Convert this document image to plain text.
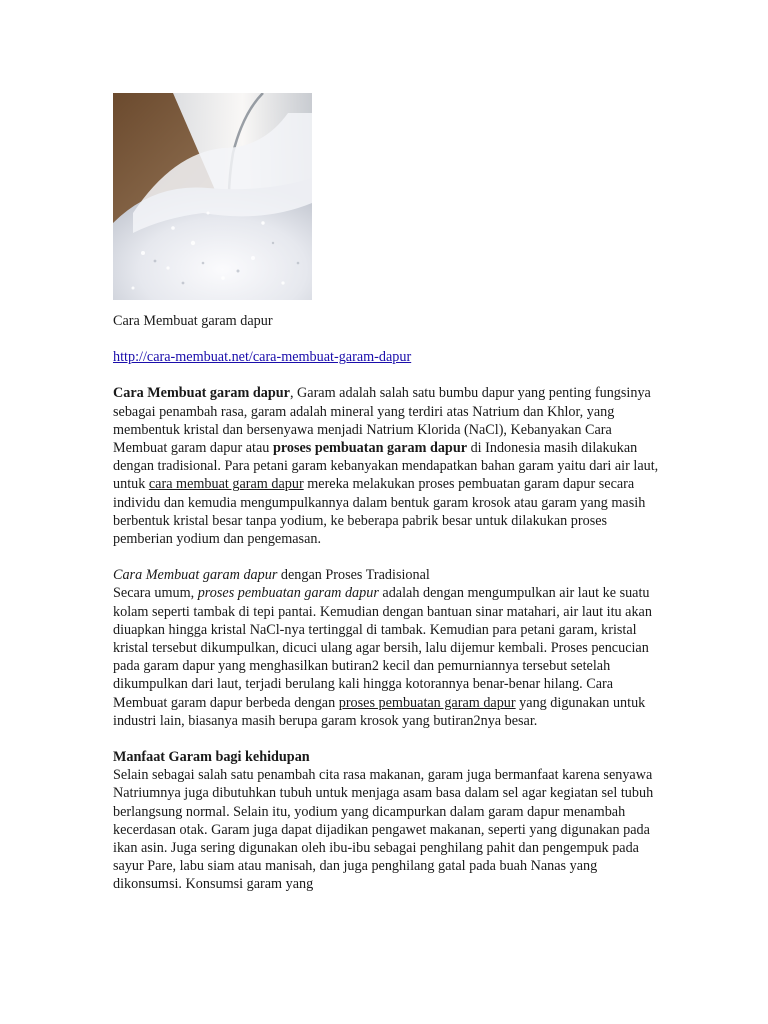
Cara Membuat garam dapur

http://cara-membuat.net/cara-membuat-garam-dapur

Cara Membuat garam dapur, Garam adalah salah satu bumbu dapur yang penting fungsinya sebagai penambah rasa, garam adalah mineral yang terdiri atas Natrium dan Khlor, yang membentuk kristal dan bersenyawa menjadi Natrium Klorida (NaCl), Kebanyakan Cara Membuat garam dapur atau proses pembuatan garam dapur di Indonesia masih dilakukan dengan tradisional. Para petani garam kebanyakan mendapatkan bahan garam yaitu dari air laut, untuk cara membuat garam dapur mereka melakukan proses pembuatan garam dapur secara individu dan kemudia mengumpulkannya dalam bentuk garam krosok atau garam yang masih berbentuk kristal besar tanpa yodium, ke beberapa pabrik besar untuk dilakukan proses pemberian yodium dan pengemasan.

Cara Membuat garam dapur dengan Proses Tradisional

Secara umum, proses pembuatan garam dapur adalah dengan mengumpulkan air laut ke suatu kolam seperti tambak di tepi pantai. Kemudian dengan bantuan sinar matahari, air laut itu akan diuapkan hingga kristal NaCl-nya tertinggal di tambak. Kemudian para petani garam, kristal kristal tersebut dikumpulkan, dicuci ulang agar bersih, lalu dijemur kembali. Proses pencucian pada garam dapur yang menghasilkan butiran2 kecil dan pemurniannya tersebut setelah dikumpulkan dari laut, terjadi berulang kali hingga kotorannya benar-benar hilang. Cara Membuat garam dapur berbeda dengan proses pembuatan garam dapur yang digunakan untuk industri lain, biasanya masih berupa garam krosok yang butiran2nya besar.

Manfaat Garam bagi kehidupan

Selain sebagai salah satu penambah cita rasa makanan, garam juga bermanfaat karena senyawa Natriumnya juga dibutuhkan tubuh untuk menjaga asam basa dalam sel agar kegiatan sel tubuh berlangsung normal. Selain itu, yodium yang dicampurkan dalam garam dapur menambah kecerdasan otak. Garam juga dapat dijadikan pengawet makanan, seperti yang digunakan pada ikan asin. Juga sering digunakan oleh ibu-ibu sebagai penghilang pahit dan pengempuk pada sayur Pare, labu siam atau manisah, dan juga penghilang gatal pada buah Nanas yang dikonsumsi. Konsumsi garam yang
